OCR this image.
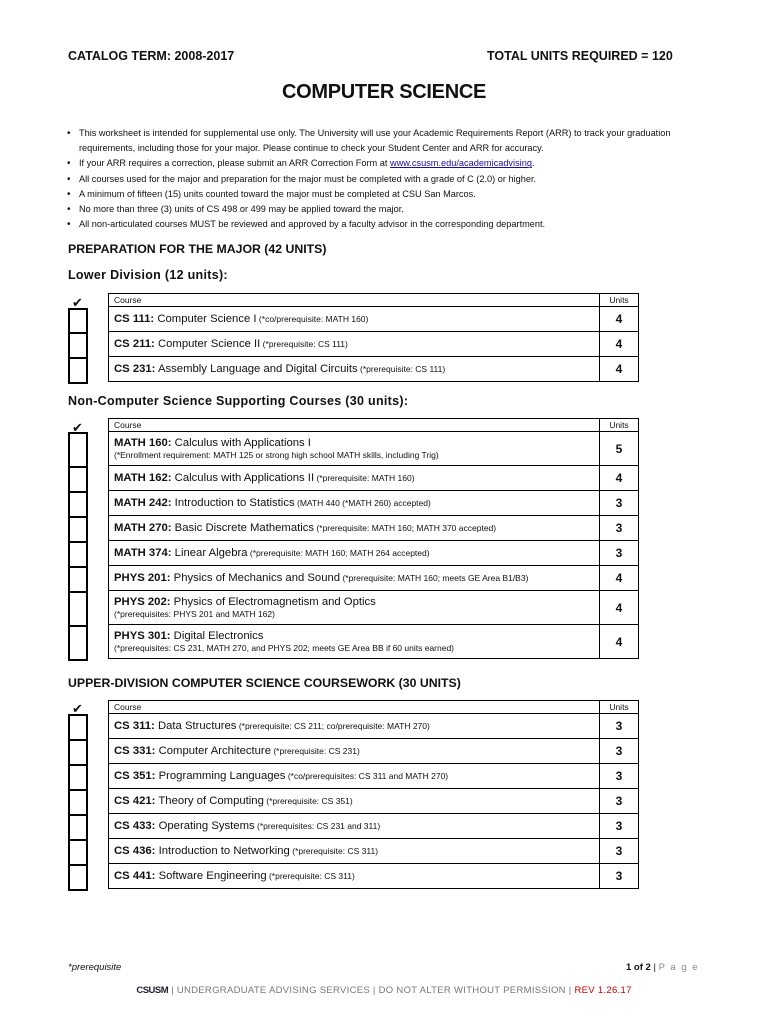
CATALOG TERM: 2008-2017	TOTAL UNITS REQUIRED = 120
COMPUTER SCIENCE
• This worksheet is intended for supplemental use only. The University will use your Academic Requirements Report (ARR) to track your graduation requirements, including those for your major. Please continue to check your Student Center and ARR for accuracy.
• If your ARR requires a correction, please submit an ARR Correction Form at www.csusm.edu/academicadvising.
• All courses used for the major and preparation for the major must be completed with a grade of C (2.0) or higher.
• A minimum of fifteen (15) units counted toward the major must be completed at CSU San Marcos.
• No more than three (3) units of CS 498 or 499 may be applied toward the major.
• All non-articulated courses MUST be reviewed and approved by a faculty advisor in the corresponding department.
PREPARATION FOR THE MAJOR (42 UNITS)
Lower Division (12 units):
✔	Course	Units
CS 111: Computer Science I (*co/prerequisite: MATH 160)	4
CS 211: Computer Science II (*prerequisite: CS 111)	4
CS 231: Assembly Language and Digital Circuits (*prerequisite: CS 111)	4
Non-Computer Science Supporting Courses (30 units):
✔	Course	Units
MATH 160: Calculus with Applications I
(*Enrollment requirement: MATH 125 or strong high school MATH skills, including Trig)	5
MATH 162: Calculus with Applications II (*prerequisite: MATH 160)	4
MATH 242: Introduction to Statistics (MATH 440 (*MATH 260) accepted)	3
MATH 270: Basic Discrete Mathematics (*prerequisite: MATH 160; MATH 370 accepted)	3
MATH 374: Linear Algebra (*prerequisite: MATH 160; MATH 264 accepted)	3
PHYS 201: Physics of Mechanics and Sound (*prerequisite: MATH 160; meets GE Area B1/B3)	4
PHYS 202: Physics of Electromagnetism and Optics
(*prerequisites: PHYS 201 and MATH 162)	4
PHYS 301: Digital Electronics
(*prerequisites: CS 231, MATH 270, and PHYS 202; meets GE Area BB if 60 units earned)	4
UPPER-DIVISION COMPUTER SCIENCE COURSEWORK (30 UNITS)
✔	Course	Units
CS 311: Data Structures (*prerequisite: CS 211; co/prerequisite: MATH 270)	3
CS 331: Computer Architecture (*prerequisite: CS 231)	3
CS 351: Programming Languages (*co/prerequisites: CS 311 and MATH 270)	3
CS 421: Theory of Computing (*prerequisite: CS 351)	3
CS 433: Operating Systems (*prerequisites: CS 231 and 311)	3
CS 436: Introduction to Networking (*prerequisite: CS 311)	3
CS 441: Software Engineering (*prerequisite: CS 311)	3
*prerequisite	1 of 2 | P a g e
CSUSM | UNDERGRADUATE ADVISING SERVICES | DO NOT ALTER WITHOUT PERMISSION | REV 1.26.17
